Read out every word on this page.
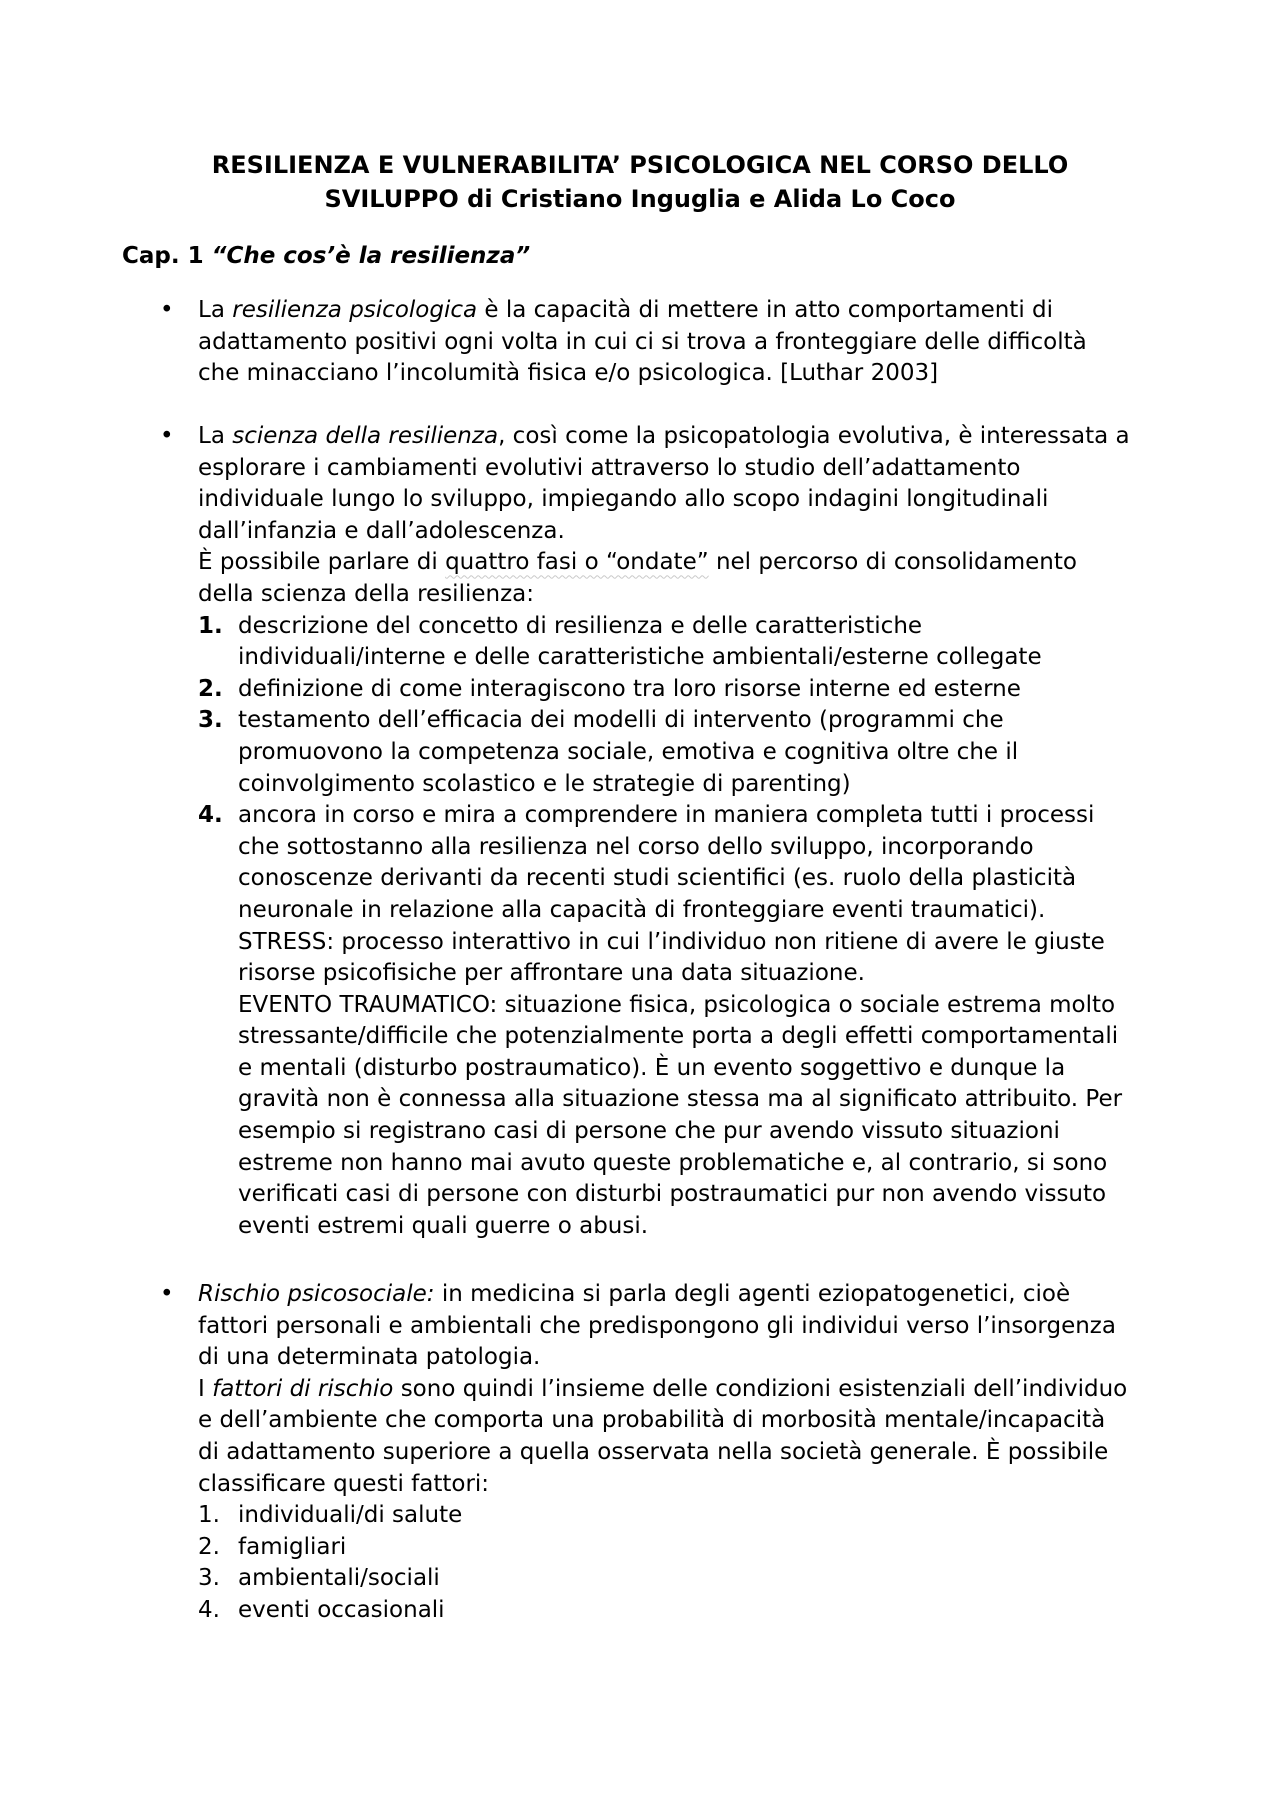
RESILIENZA E VULNERABILITA’ PSICOLOGICA NEL CORSO DELLO
SVILUPPO di Cristiano Inguglia e Alida Lo Coco
Cap. 1 “Che cos’è la resilienza”
• La resilienza psicologica è la capacità di mettere in atto comportamenti di
adattamento positivi ogni volta in cui ci si trova a fronteggiare delle difficoltà
che minacciano l’incolumità fisica e/o psicologica. [Luthar 2003]
• La scienza della resilienza, così come la psicopatologia evolutiva, è interessata a
esplorare i cambiamenti evolutivi attraverso lo studio dell’adattamento
individuale lungo lo sviluppo, impiegando allo scopo indagini longitudinali
dall’infanzia e dall’adolescenza.
È possibile parlare di quattro fasi o “ondate” nel percorso di consolidamento
della scienza della resilienza:
1. descrizione del concetto di resilienza e delle caratteristiche
individuali/interne e delle caratteristiche ambientali/esterne collegate
2. definizione di come interagiscono tra loro risorse interne ed esterne
3. testamento dell’efficacia dei modelli di intervento (programmi che
promuovono la competenza sociale, emotiva e cognitiva oltre che il
coinvolgimento scolastico e le strategie di parenting)
4. ancora in corso e mira a comprendere in maniera completa tutti i processi
che sottostanno alla resilienza nel corso dello sviluppo, incorporando
conoscenze derivanti da recenti studi scientifici (es. ruolo della plasticità
neuronale in relazione alla capacità di fronteggiare eventi traumatici).
STRESS: processo interattivo in cui l’individuo non ritiene di avere le giuste
risorse psicofisiche per affrontare una data situazione.
EVENTO TRAUMATICO: situazione fisica, psicologica o sociale estrema molto
stressante/difficile che potenzialmente porta a degli effetti comportamentali
e mentali (disturbo postraumatico). È un evento soggettivo e dunque la
gravità non è connessa alla situazione stessa ma al significato attribuito. Per
esempio si registrano casi di persone che pur avendo vissuto situazioni
estreme non hanno mai avuto queste problematiche e, al contrario, si sono
verificati casi di persone con disturbi postraumatici pur non avendo vissuto
eventi estremi quali guerre o abusi.
• Rischio psicosociale: in medicina si parla degli agenti eziopatogenetici, cioè
fattori personali e ambientali che predispongono gli individui verso l’insorgenza
di una determinata patologia.
I fattori di rischio sono quindi l’insieme delle condizioni esistenziali dell’individuo
e dell’ambiente che comporta una probabilità di morbosità mentale/incapacità
di adattamento superiore a quella osservata nella società generale. È possibile
classificare questi fattori:
1. individuali/di salute
2. famigliari
3. ambientali/sociali
4. eventi occasionali
